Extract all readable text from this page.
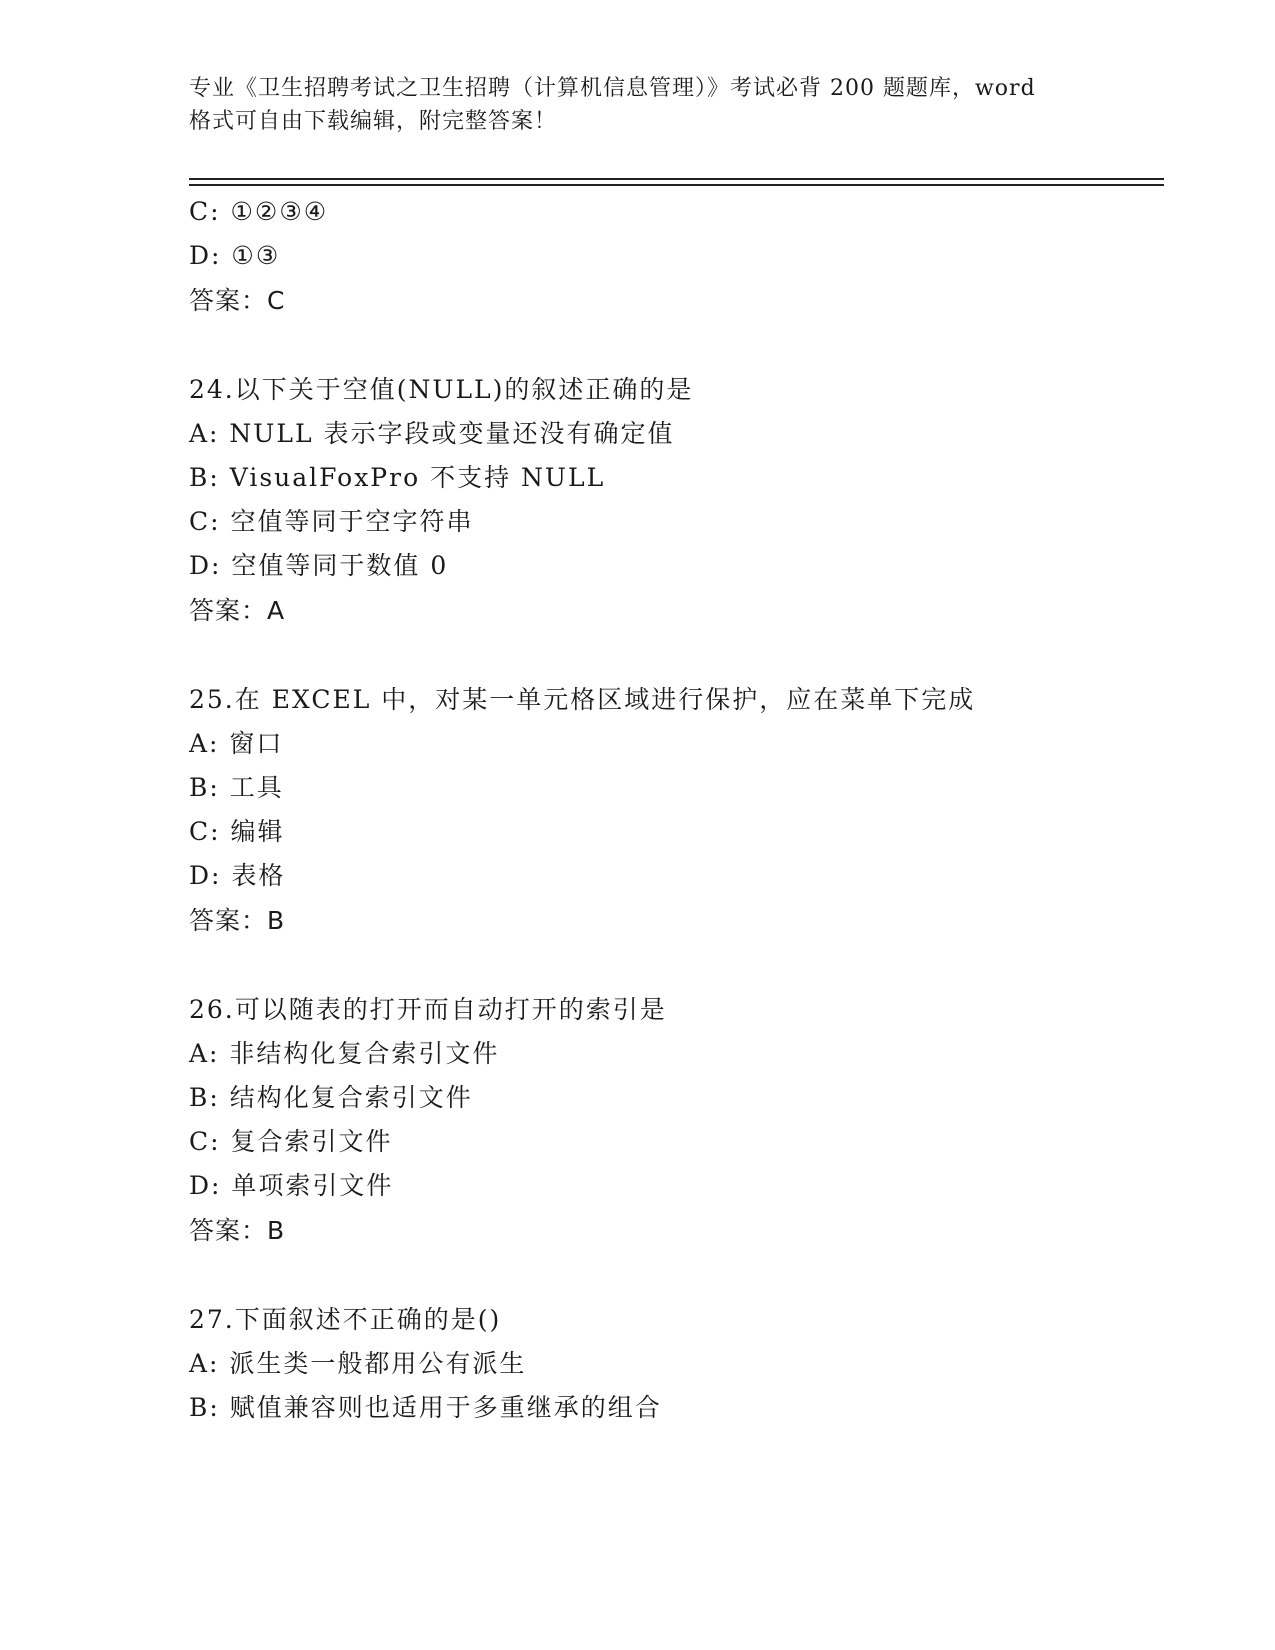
专业《卫生招聘考试之卫生招聘（计算机信息管理）》考试必背 200 题题库，word
格式可自由下载编辑，附完整答案！
C: ①②③④
D: ①③
答案：C
24.以下关于空值(NULL)的叙述正确的是
A: NULL 表示字段或变量还没有确定值
B: VisualFoxPro 不支持 NULL
C: 空值等同于空字符串
D: 空值等同于数值 0
答案：A
25.在 EXCEL 中，对某一单元格区域进行保护，应在菜单下完成
A: 窗口
B: 工具
C: 编辑
D: 表格
答案：B
26.可以随表的打开而自动打开的索引是
A: 非结构化复合索引文件
B: 结构化复合索引文件
C: 复合索引文件
D: 单项索引文件
答案：B
27.下面叙述不正确的是()
A: 派生类一般都用公有派生
B: 赋值兼容则也适用于多重继承的组合
